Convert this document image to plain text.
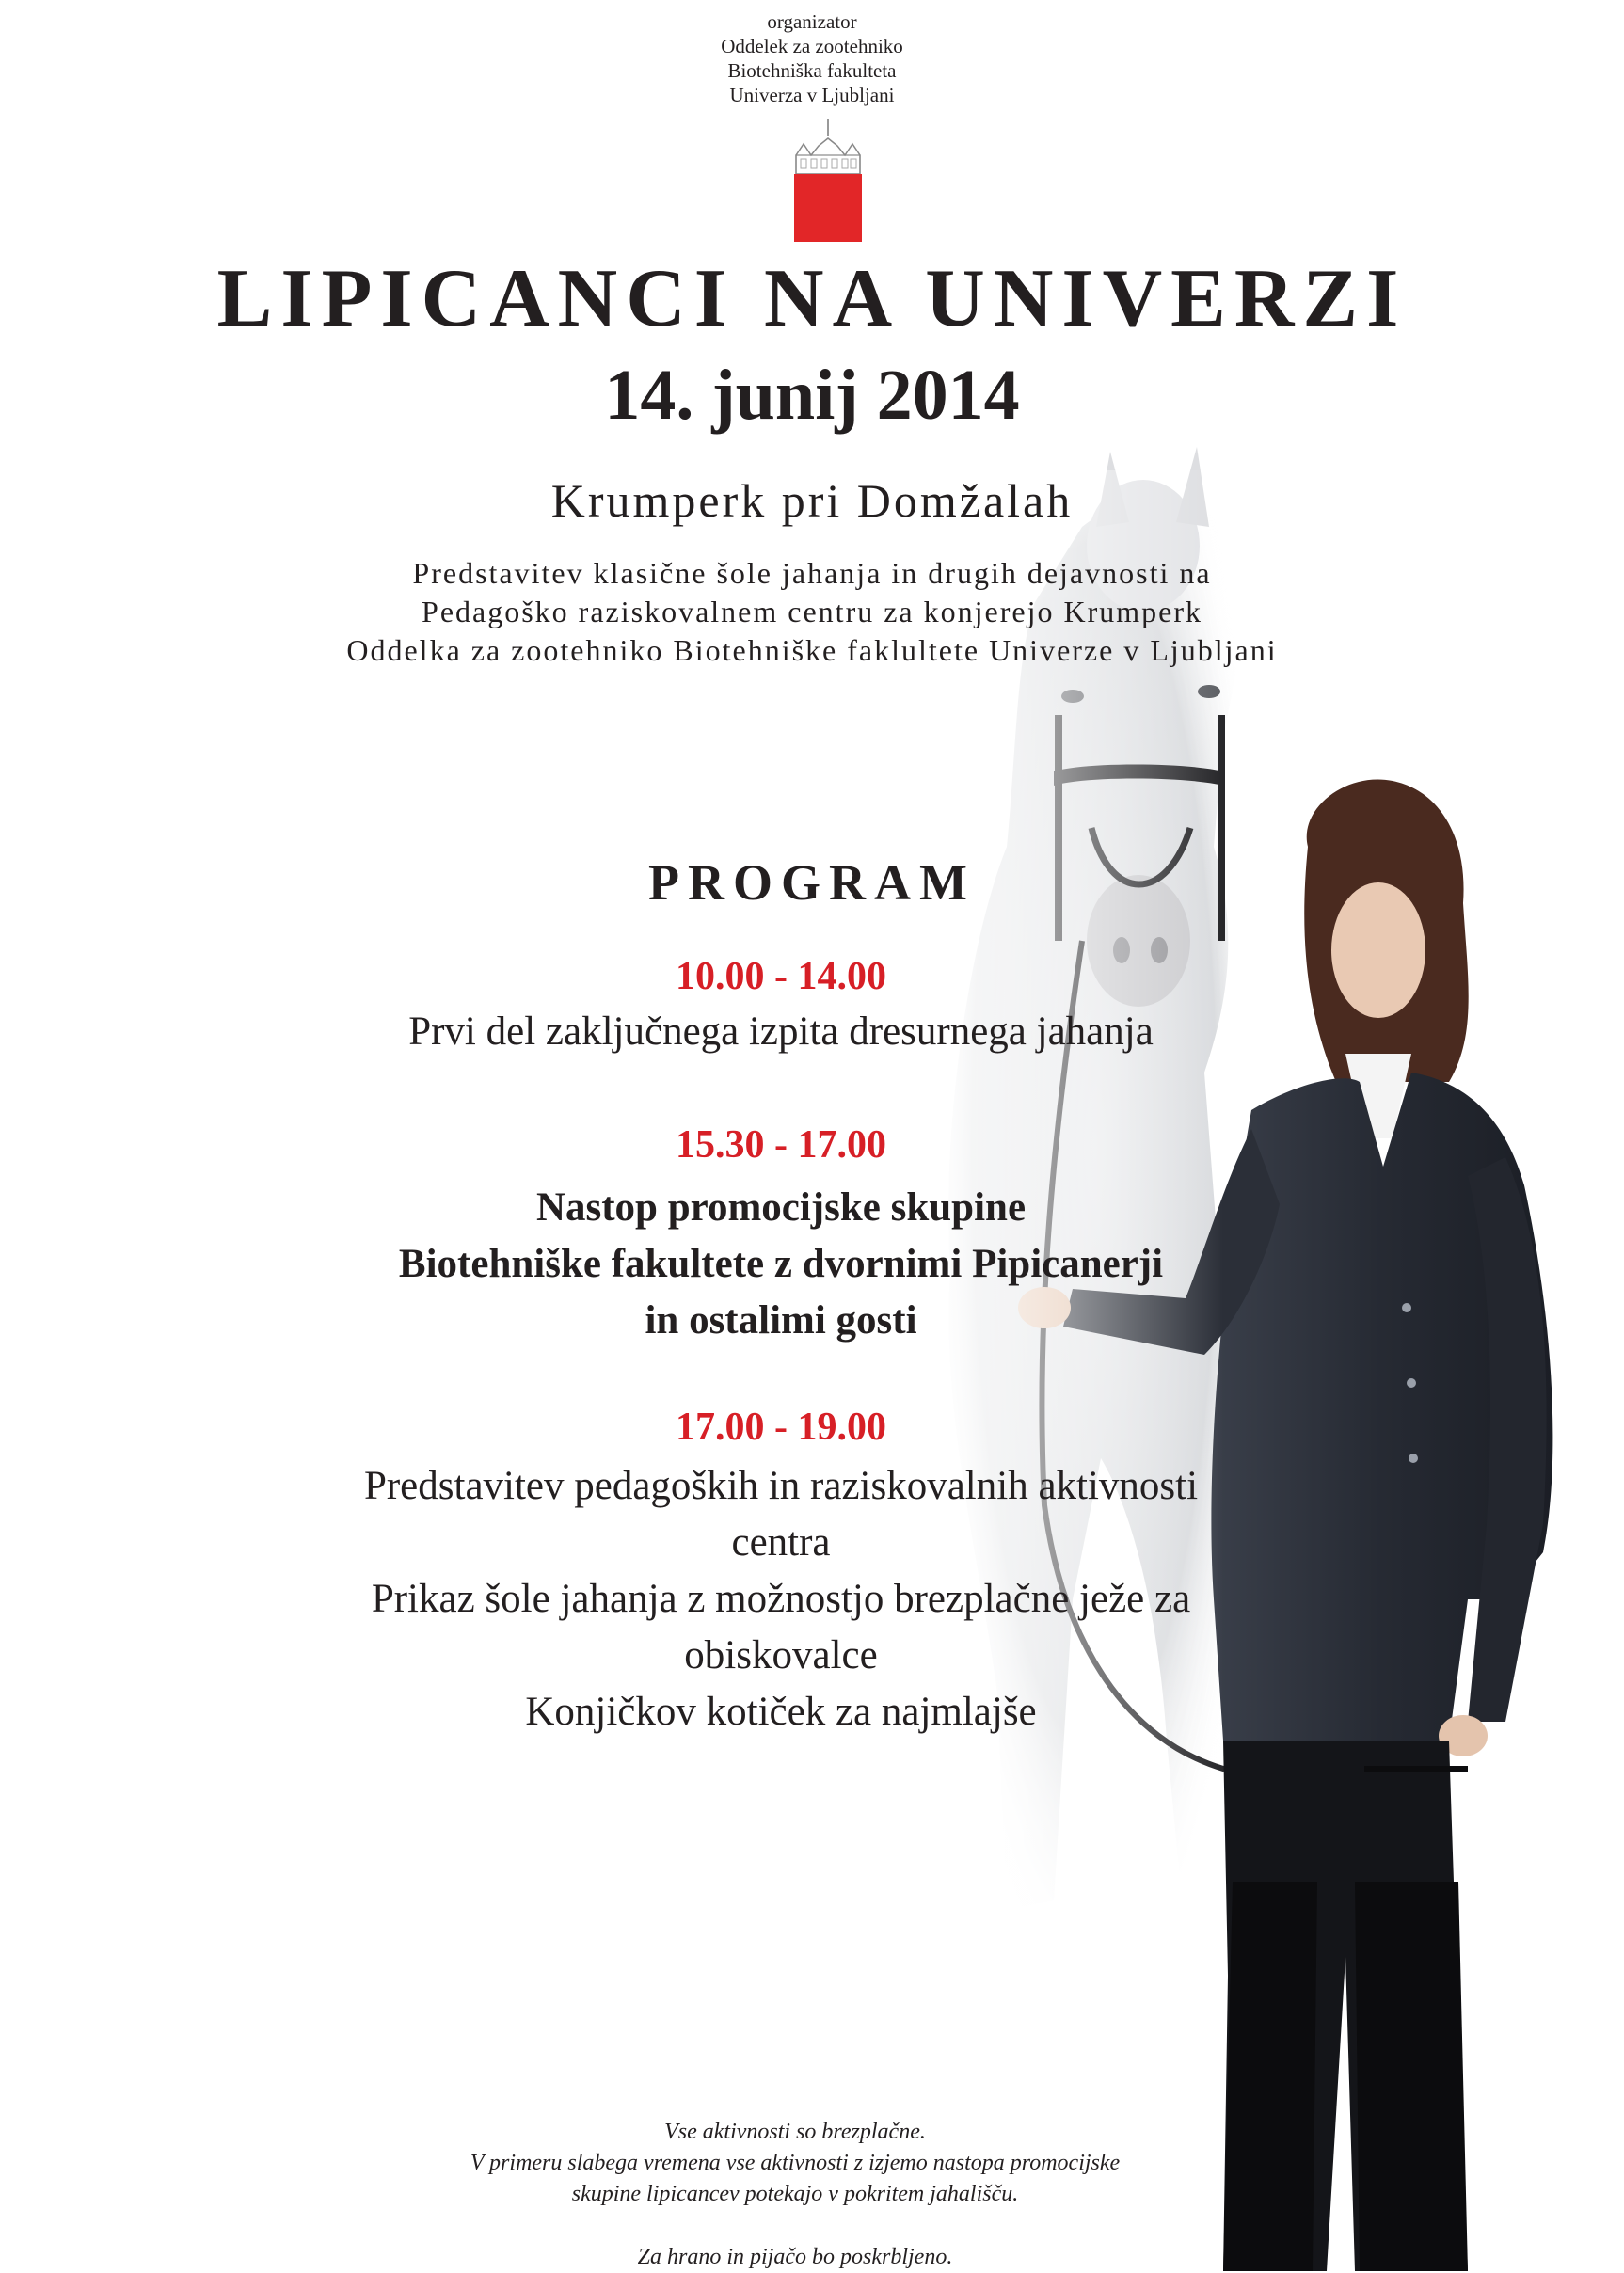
organizator
Oddelek za zootehniko
Biotehniška fakulteta
Univerza v Ljubljani
LIPICANCI NA UNIVERZI
14. junij 2014
Krumperk pri Domžalah
Predstavitev klasične šole jahanja in drugih dejavnosti na
Pedagoško raziskovalnem centru za konjerejo Krumperk
Oddelka za zootehniko Biotehniške faklultete Univerze v Ljubljani
PROGRAM
10.00 - 14.00
Prvi del zaključnega izpita dresurnega jahanja
15.30 - 17.00
Nastop promocijske skupine
Biotehniške fakultete z dvornimi Pipicanerji
in ostalimi gosti
17.00 - 19.00
Predstavitev pedagoških in raziskovalnih aktivnosti
centra
Prikaz šole jahanja z možnostjo brezplačne ježe za
obiskovalce
Konjičkov kotiček za najmlajše
Vse aktivnosti so brezplačne.
V primeru slabega vremena vse aktivnosti z izjemo nastopa promocijske
skupine lipicancev potekajo v pokritem jahališču.
Za hrano in pijačo bo poskrbljeno.
